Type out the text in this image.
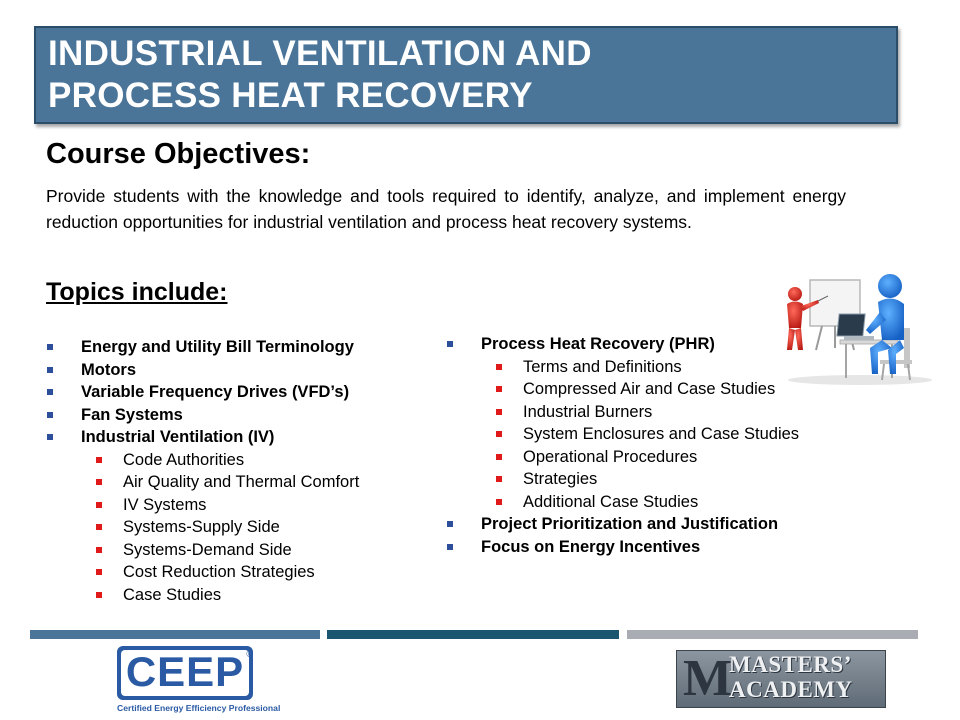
INDUSTRIAL VENTILATION AND
PROCESS HEAT RECOVERY
Course Objectives:
Provide students with the knowledge and tools required to identify, analyze, and implement energy reduction opportunities for industrial ventilation and process heat recovery systems.
Topics include:
Energy and Utility Bill Terminology
Motors
Variable Frequency Drives (VFD’s)
Fan Systems
Industrial Ventilation (IV)
Code Authorities
Air Quality and Thermal Comfort
IV Systems
Systems-Supply Side
Systems-Demand Side
Cost Reduction Strategies
Case Studies
Process Heat Recovery (PHR)
Terms and Definitions
Compressed Air and Case Studies
Industrial Burners
System Enclosures and Case Studies
Operational Procedures
Strategies
Additional Case Studies
Project Prioritization and Justification
Focus on Energy Incentives
CEEP ®
Certified Energy Efficiency Professional
M
MASTERS’
ACADEMY
